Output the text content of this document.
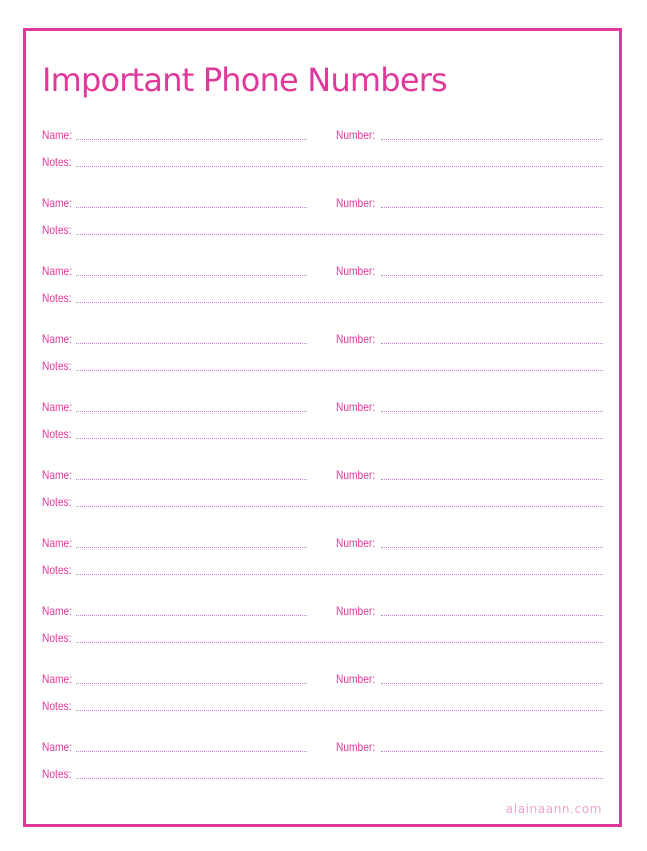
Important Phone Numbers
Name:	Number:
Notes:
Name:	Number:
Notes:
Name:	Number:
Notes:
Name:	Number:
Notes:
Name:	Number:
Notes:
Name:	Number:
Notes:
Name:	Number:
Notes:
Name:	Number:
Notes:
Name:	Number:
Notes:
Name:	Number:
Notes:
alainaann.com
